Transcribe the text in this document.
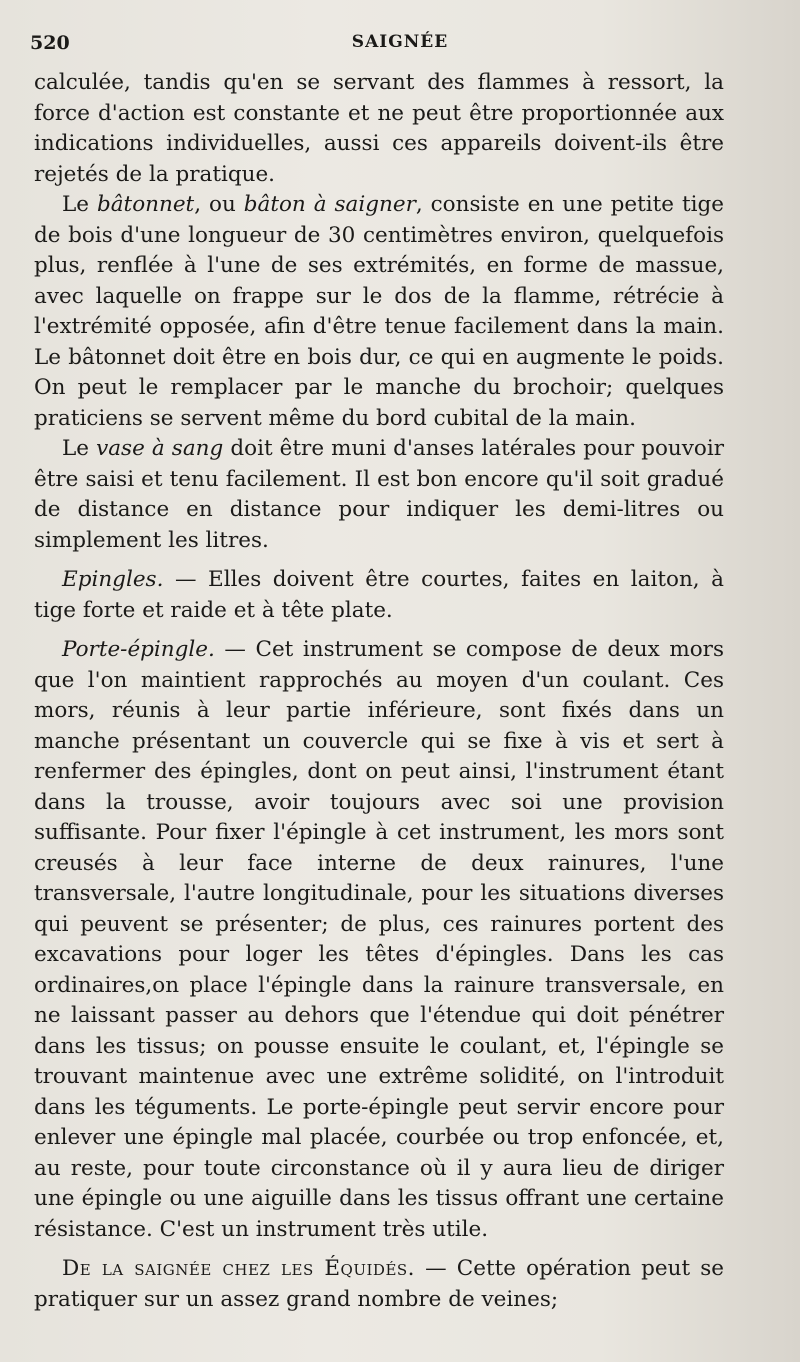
520	SAIGNÉE

calculée, tandis qu'en se servant des flammes à ressort, la force d'action est constante et ne peut être proportionnée aux indications individuelles, aussi ces appareils doivent-ils être rejetés de la pratique.

Le bâtonnet, ou bâton à saigner, consiste en une petite tige de bois d'une longueur de 30 centimètres environ, quelquefois plus, renflée à l'une de ses extrémités, en forme de massue, avec laquelle on frappe sur le dos de la flamme, rétrécie à l'extrémité opposée, afin d'être tenue facilement dans la main. Le bâtonnet doit être en bois dur, ce qui en augmente le poids. On peut le remplacer par le manche du brochoir; quelques praticiens se servent même du bord cubital de la main.

Le vase à sang doit être muni d'anses latérales pour pouvoir être saisi et tenu facilement. Il est bon encore qu'il soit gradué de distance en distance pour indiquer les demi-litres ou simplement les litres.

Epingles. — Elles doivent être courtes, faites en laiton, à tige forte et raide et à tête plate.

Porte-épingle. — Cet instrument se compose de deux mors que l'on maintient rapprochés au moyen d'un coulant. Ces mors, réunis à leur partie inférieure, sont fixés dans un manche présentant un couvercle qui se fixe à vis et sert à renfermer des épingles, dont on peut ainsi, l'instrument étant dans la trousse, avoir toujours avec soi une provision suffisante. Pour fixer l'épingle à cet instrument, les mors sont creusés à leur face interne de deux rainures, l'une transversale, l'autre longitudinale, pour les situations diverses qui peuvent se présenter; de plus, ces rainures portent des excavations pour loger les têtes d'épingles. Dans les cas ordinaires,on place l'épingle dans la rainure transversale, en ne laissant passer au dehors que l'étendue qui doit pénétrer dans les tissus; on pousse ensuite le coulant, et, l'épingle se trouvant maintenue avec une extrême solidité, on l'introduit dans les téguments. Le porte-épingle peut servir encore pour enlever une épingle mal placée, courbée ou trop enfoncée, et, au reste, pour toute circonstance où il y aura lieu de diriger une épingle ou une aiguille dans les tissus offrant une certaine résistance. C'est un instrument très utile.

De la saignée chez les Équidés. — Cette opération peut se pratiquer sur un assez grand nombre de veines;
